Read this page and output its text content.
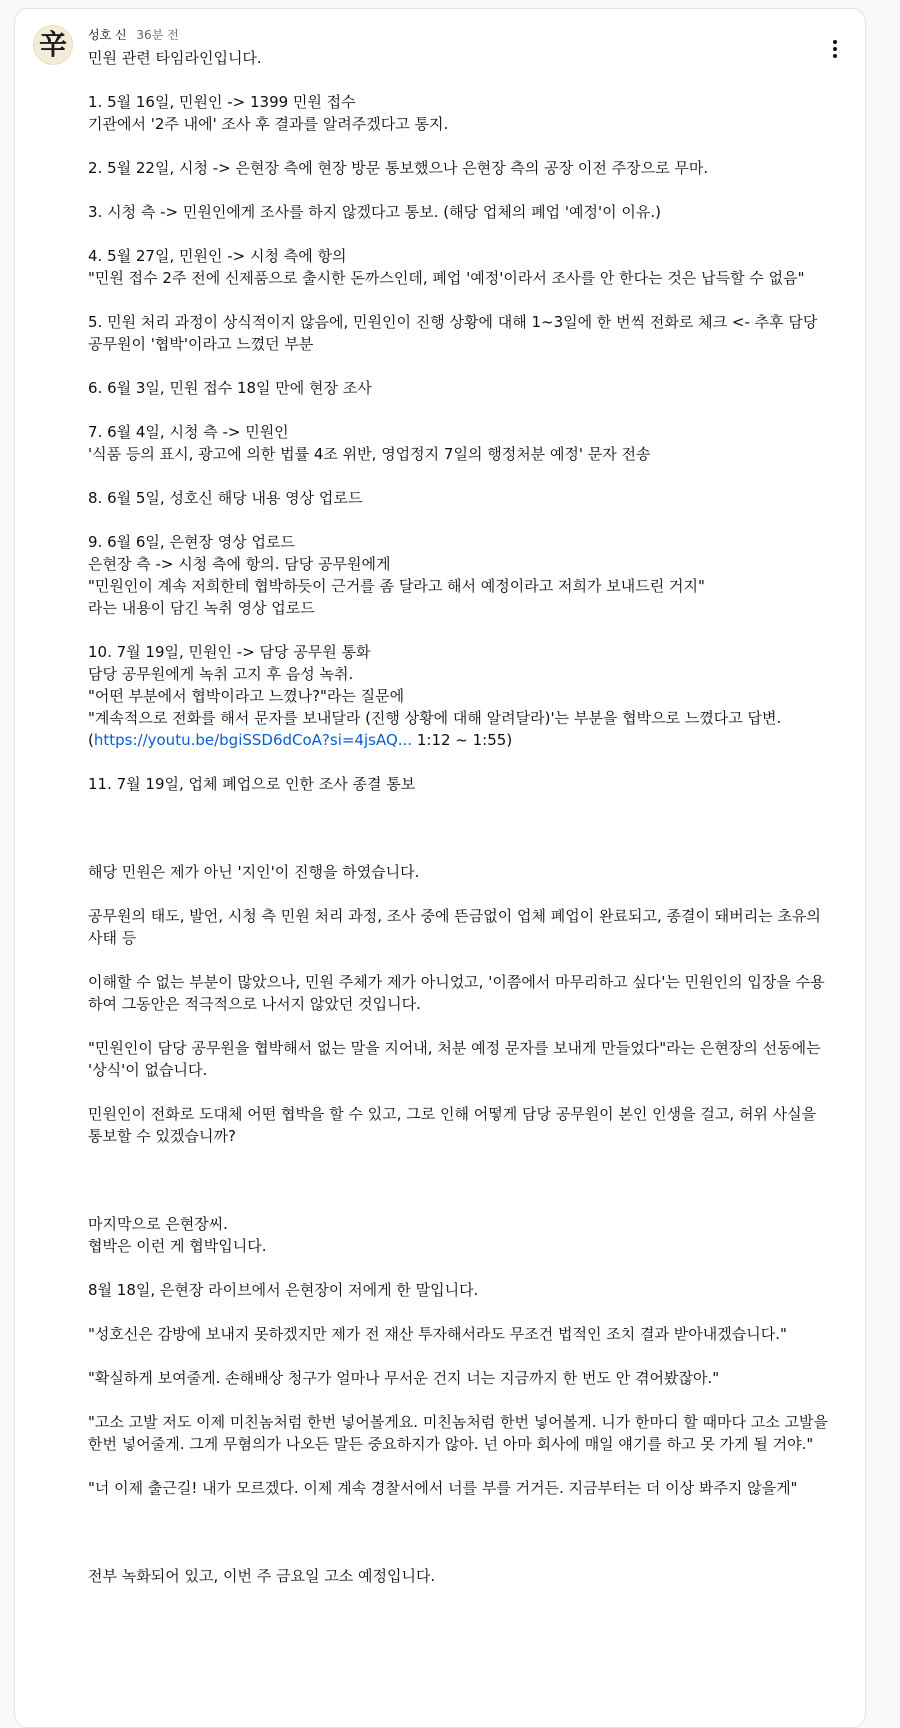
辛 성호 신 36분 전

민원 관련 타임라인입니다.

1. 5월 16일, 민원인 -> 1399 민원 접수

기관에서 '2주 내에' 조사 후 결과를 알려주겠다고 통지.

2. 5월 22일, 시청 -> 은현장 측에 현장 방문 통보했으나 은현장 측의 공장 이전 주장으로 무마.

3. 시청 측 -> 민원인에게 조사를 하지 않겠다고 통보. (해당 업체의 폐업 '예정'이 이유.)

4. 5월 27일, 민원인 -> 시청 측에 항의

"민원 접수 2주 전에 신제품으로 출시한 돈까스인데, 폐업 '예정'이라서 조사를 안 한다는 것은 납득할 수 없음"

5. 민원 처리 과정이 상식적이지 않음에, 민원인이 진행 상황에 대해 1~3일에 한 번씩 전화로 체크 <- 추후 담당 공무원이 '협박'이라고 느꼈던 부분

6. 6월 3일, 민원 접수 18일 만에 현장 조사

7. 6월 4일, 시청 측 -> 민원인

'식품 등의 표시, 광고에 의한 법률 4조 위반, 영업정지 7일의 행정처분 예정' 문자 전송

8. 6월 5일, 성호신 해당 내용 영상 업로드

9. 6월 6일, 은현장 영상 업로드

은현장 측 -> 시청 측에 항의. 담당 공무원에게

"민원인이 계속 저희한테 협박하듯이 근거를 좀 달라고 해서 예정이라고 저희가 보내드린 거지"

라는 내용이 담긴 녹취 영상 업로드

10. 7월 19일, 민원인 -> 담당 공무원 통화

담당 공무원에게 녹취 고지 후 음성 녹취.

"어떤 부분에서 협박이라고 느꼈나?"라는 질문에

"계속적으로 전화를 해서 문자를 보내달라 (진행 상황에 대해 알려달라)'는 부분을 협박으로 느꼈다고 답변.

(https://youtu.be/bgiSSD6dCoA?si=4jsAQ... 1:12 ~ 1:55)

11. 7월 19일, 업체 폐업으로 인한 조사 종결 통보

해당 민원은 제가 아닌 '지인'이 진행을 하였습니다.

공무원의 태도, 발언, 시청 측 민원 처리 과정, 조사 중에 뜬금없이 업체 폐업이 완료되고, 종결이 돼버리는 초유의 사태 등

이해할 수 없는 부분이 많았으나, 민원 주체가 제가 아니었고, '이쯤에서 마무리하고 싶다'는 민원인의 입장을 수용하여 그동안은 적극적으로 나서지 않았던 것입니다.

"민원인이 담당 공무원을 협박해서 없는 말을 지어내, 처분 예정 문자를 보내게 만들었다"라는 은현장의 선동에는 '상식'이 없습니다.

민원인이 전화로 도대체 어떤 협박을 할 수 있고, 그로 인해 어떻게 담당 공무원이 본인 인생을 걸고, 허위 사실을 통보할 수 있겠습니까?

마지막으로 은현장씨.

협박은 이런 게 협박입니다.

8월 18일, 은현장 라이브에서 은현장이 저에게 한 말입니다.

"성호신은 감방에 보내지 못하겠지만 제가 전 재산 투자해서라도 무조건 법적인 조치 결과 받아내겠습니다."

"확실하게 보여줄게. 손해배상 청구가 얼마나 무서운 건지 너는 지금까지 한 번도 안 겪어봤잖아."

"고소 고발 저도 이제 미친놈처럼 한번 넣어볼게요. 미친놈처럼 한번 넣어볼게. 니가 한마디 할 때마다 고소 고발을 한번 넣어줄게. 그게 무혐의가 나오든 말든 중요하지가 않아. 넌 아마 회사에 매일 얘기를 하고 못 가게 될 거야."

"너 이제 출근길! 내가 모르겠다. 이제 계속 경찰서에서 너를 부를 거거든. 지금부터는 더 이상 봐주지 않을게"

전부 녹화되어 있고, 이번 주 금요일 고소 예정입니다.
